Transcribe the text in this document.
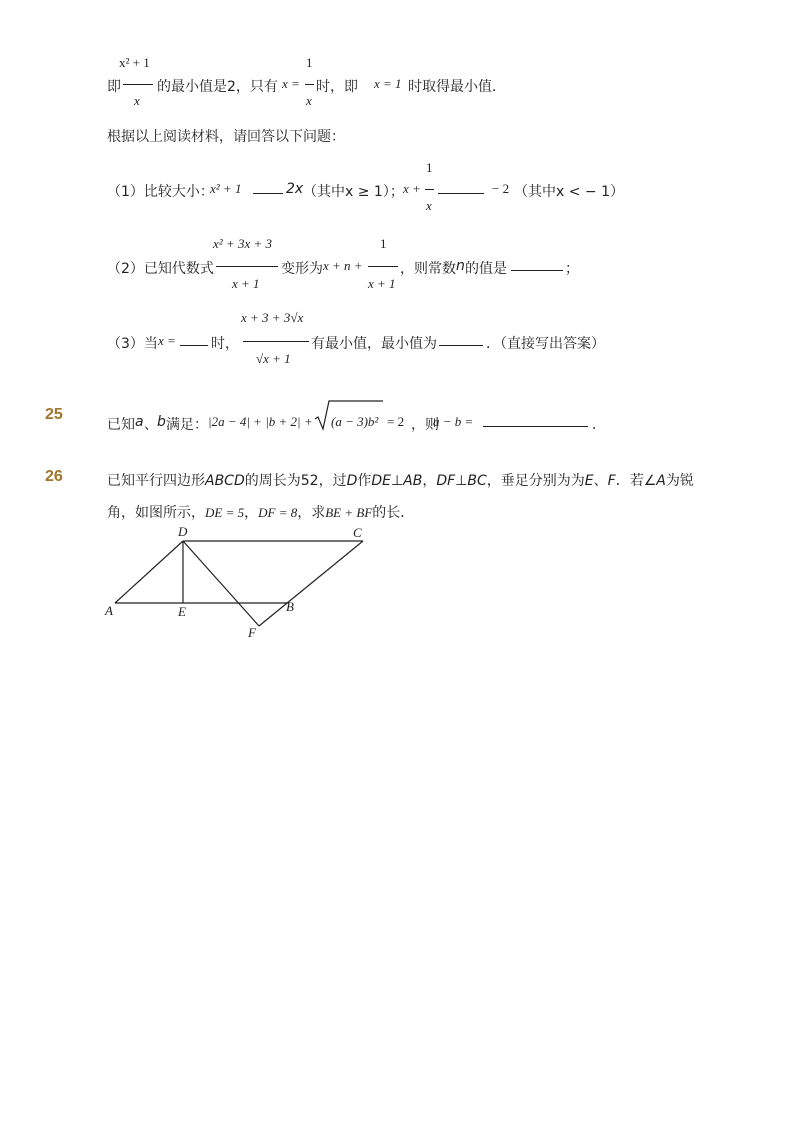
x² + 1
即
x
的最小值是2，只有 x =
1
x
时，即 x = 1 时取得最小值．
根据以上阅读材料，请回答以下问题：
（1）比较大小：
x² + 1	2x （其中x ≥ 1）； x +
1
x
− 2 （其中x < − 1）
x² + 3x + 3
（2）已知代数式
x + 1
变形为 x + n +
1
x + 1
，则常数 n 的值是	；
x + 3 + 3√x
（3）当 x =	时，
√x + 1
有最小值，最小值为	．（直接写出答案）
25
已知 a 、 b 满足： |2a − 4| + |b + 2| + (a − 3)b² = 2 ，则
a − b =	．
26	已知平行四边形ABCD的周长为52，过D作DE⊥AB，DF⊥BC，垂足分别为为E、F．若∠A为锐
角，如图所示，DE = 5，DF = 8，求BE + BF的长．
A	B
C
D
E
F
